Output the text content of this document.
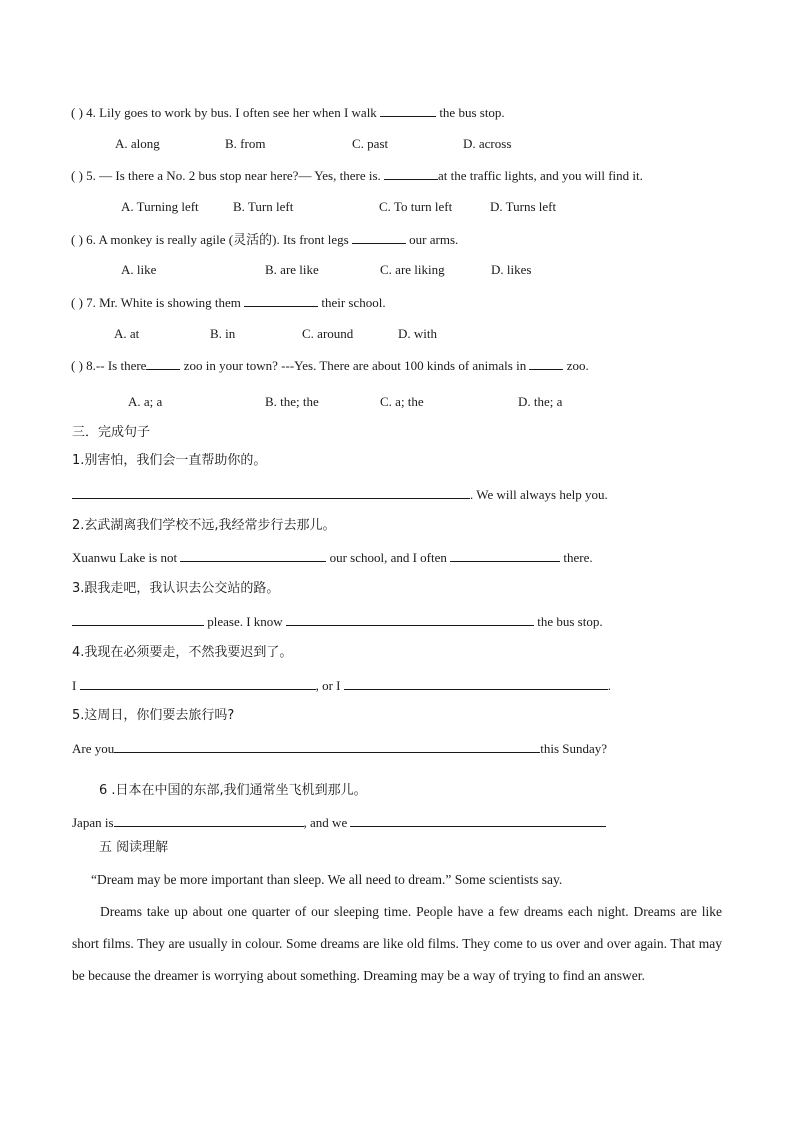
( ) 4. Lily goes to work by bus. I often see her when I walk	the bus stop.
A. along	B. from	C. past	D. across
( ) 5. — Is there a No. 2 bus stop near here?— Yes, there is.	at the traffic lights, and you will find it.
A. Turning left	B. Turn left	C. To turn left	D. Turns left
( ) 6. A monkey is really agile (灵活的). Its front legs	our arms.
A. like	B. are like	C. are liking	D. likes
( ) 7. Mr. White is showing them	their school.
A. at	B. in	C. around	D. with
( ) 8.-- Is there	zoo in your town? ---Yes. There are about 100 kinds of animals in	zoo.
A. a; a	B. the; the	C. a; the	D. the; a
三．完成句子
1.别害怕，我们会一直帮助你的。
. We will always help you.
2.玄武湖离我们学校不远,我经常步行去那儿。
Xuanwu Lake is not	our school, and I often	there.
3.跟我走吧，我认识去公交站的路。
please. I know	the bus stop.
4.我现在必须要走，不然我要迟到了。
I	, or I	.
5.这周日，你们要去旅行吗?
Are you	this Sunday?
6 .日本在中国的东部,我们通常坐飞机到那儿。
Japan is	, and we
五 阅读理解
“Dream may be more important than sleep. We all need to dream.” Some scientists say.
Dreams take up about one quarter of our sleeping time. People have a few dreams each night. Dreams are like short films. They are usually in colour. Some dreams are like old films. They come to us over and over again. That may be because the dreamer is worrying about something. Dreaming may be a way of trying to find an answer.
